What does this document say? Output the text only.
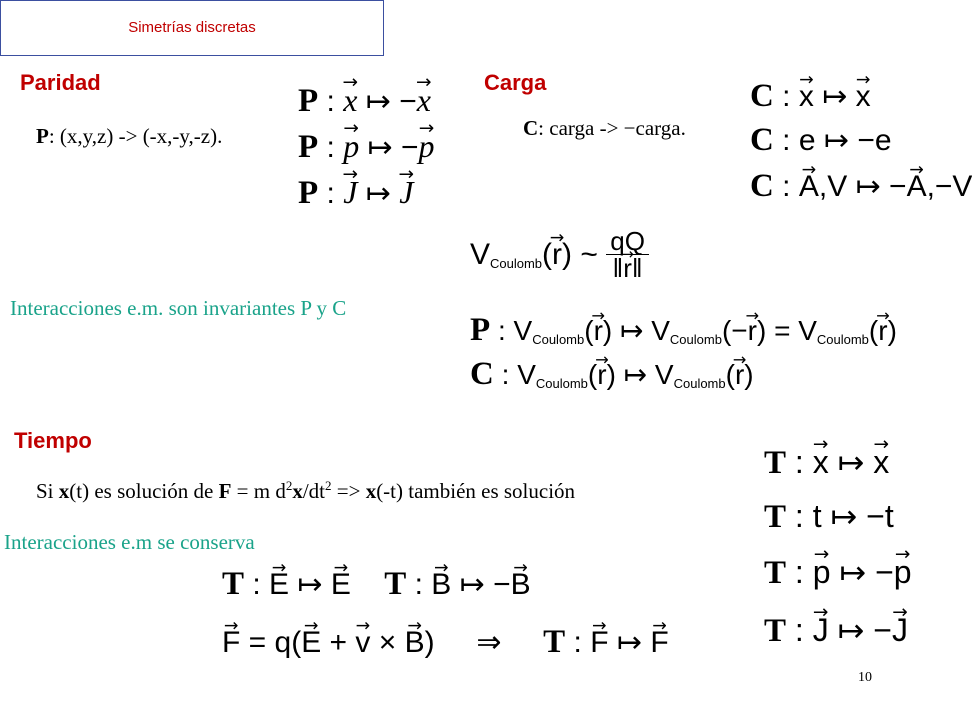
Simetrías discretas
Paridad
P: (x,y,z) -> (-x,-y,-z).
P : → x ↦ −→ x
P : → p ↦ −→ p
P : → J ↦ → J
Carga
C: carga -> −carga.
C : → x ↦ → x
C : e ↦ −e
C : → A,V ↦ −→ A,−V
$V_{Coulomb}(\to r)$ ~ $\frac{qQ}{‖\to r‖}$
Interacciones e.m. son invariantes P y C
P : $V_{Coulomb}(\to r)$ ↦ $V_{Coulomb}(-\to r) = V_{Coulomb}(\to r)$
C : $V_{Coulomb}(\to r)$ ↦ $V_{Coulomb}(\to r)$
Tiempo
Si x(t) es solución de F = m $d^2x/dt^2 => x(-t)$ también es solución
Interacciones e.m se conserva
T : → x ↦ → x
T : t ↦ −t
T : → p ↦ −→ p
T : → J ↦ −→ J
T : → E ↦ → E T : → B ↦ −→ B
→ F = q(→ E + → v × → B) ⇒ T : → F ↦ → F
10
